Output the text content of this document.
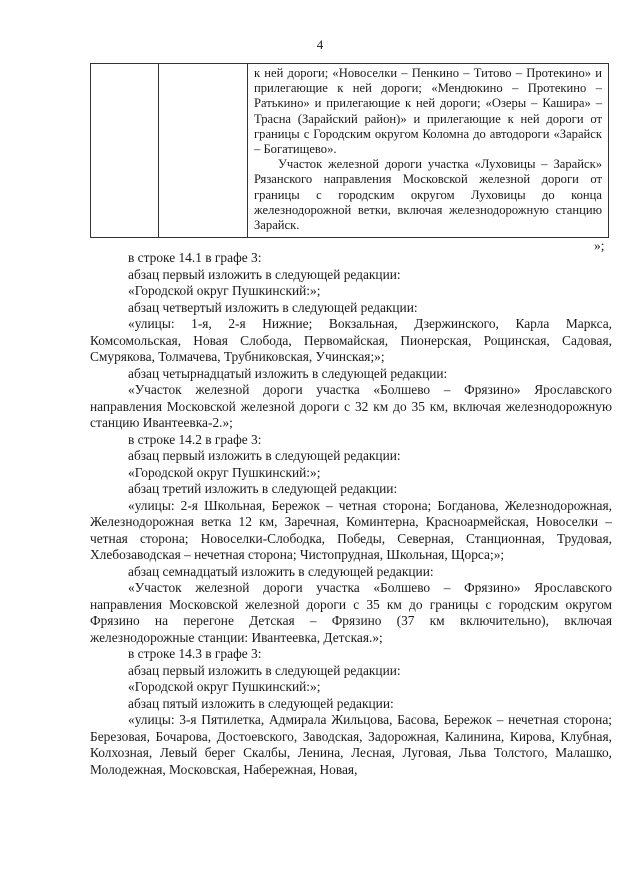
4

к ней дороги; «Новоселки – Пенкино – Титово – Протекино» и прилегающие к ней дороги; «Мендюкино – Протекино – Ратькино» и прилегающие к ней дороги; «Озеры – Кашира» – Трасна (Зарайский район)» и прилегающие к ней дороги от границы с Городским округом Коломна до автодороги «Зарайск – Богатищево».

Участок железной дороги участка «Луховицы – Зарайск» Рязанского направления Московской железной дороги от границы с городским округом Луховицы до конца железнодорожной ветки, включая железнодорожную станцию Зарайск.

»;

в строке 14.1 в графе 3:

абзац первый изложить в следующей редакции:

«Городской округ Пушкинский:»;

абзац четвертый изложить в следующей редакции:

«улицы: 1-я, 2-я Нижние; Вокзальная, Дзержинского, Карла Маркса, Комсомольская, Новая Слобода, Первомайская, Пионерская, Рощинская, Садовая, Смурякова, Толмачева, Трубниковская, Учинская;»;

абзац четырнадцатый изложить в следующей редакции:

«Участок железной дороги участка «Болшево – Фрязино» Ярославского направления Московской железной дороги с 32 км до 35 км, включая железнодорожную станцию Ивантеевка-2.»;

в строке 14.2 в графе 3:

абзац первый изложить в следующей редакции:

«Городской округ Пушкинский:»;

абзац третий изложить в следующей редакции:

«улицы: 2-я Школьная, Бережок – четная сторона; Богданова, Железнодорожная, Железнодорожная ветка 12 км, Заречная, Коминтерна, Красноармейская, Новоселки – четная сторона; Новоселки-Слободка, Победы, Северная, Станционная, Трудовая, Хлебозаводская – нечетная сторона; Чистопрудная, Школьная, Щорса;»;

абзац семнадцатый изложить в следующей редакции:

«Участок железной дороги участка «Болшево – Фрязино» Ярославского направления Московской железной дороги с 35 км до границы с городским округом Фрязино на перегоне Детская – Фрязино (37 км включительно), включая железнодорожные станции: Ивантеевка, Детская.»;

в строке 14.3 в графе 3:

абзац первый изложить в следующей редакции:

«Городской округ Пушкинский:»;

абзац пятый изложить в следующей редакции:

«улицы: 3-я Пятилетка, Адмирала Жильцова, Басова, Бережок – нечетная сторона; Березовая, Бочарова, Достоевского, Заводская, Задорожная, Калинина, Кирова, Клубная, Колхозная, Левый берег Скалбы, Ленина, Лесная, Луговая, Льва Толстого, Малашко, Молодежная, Московская, Набережная, Новая,
